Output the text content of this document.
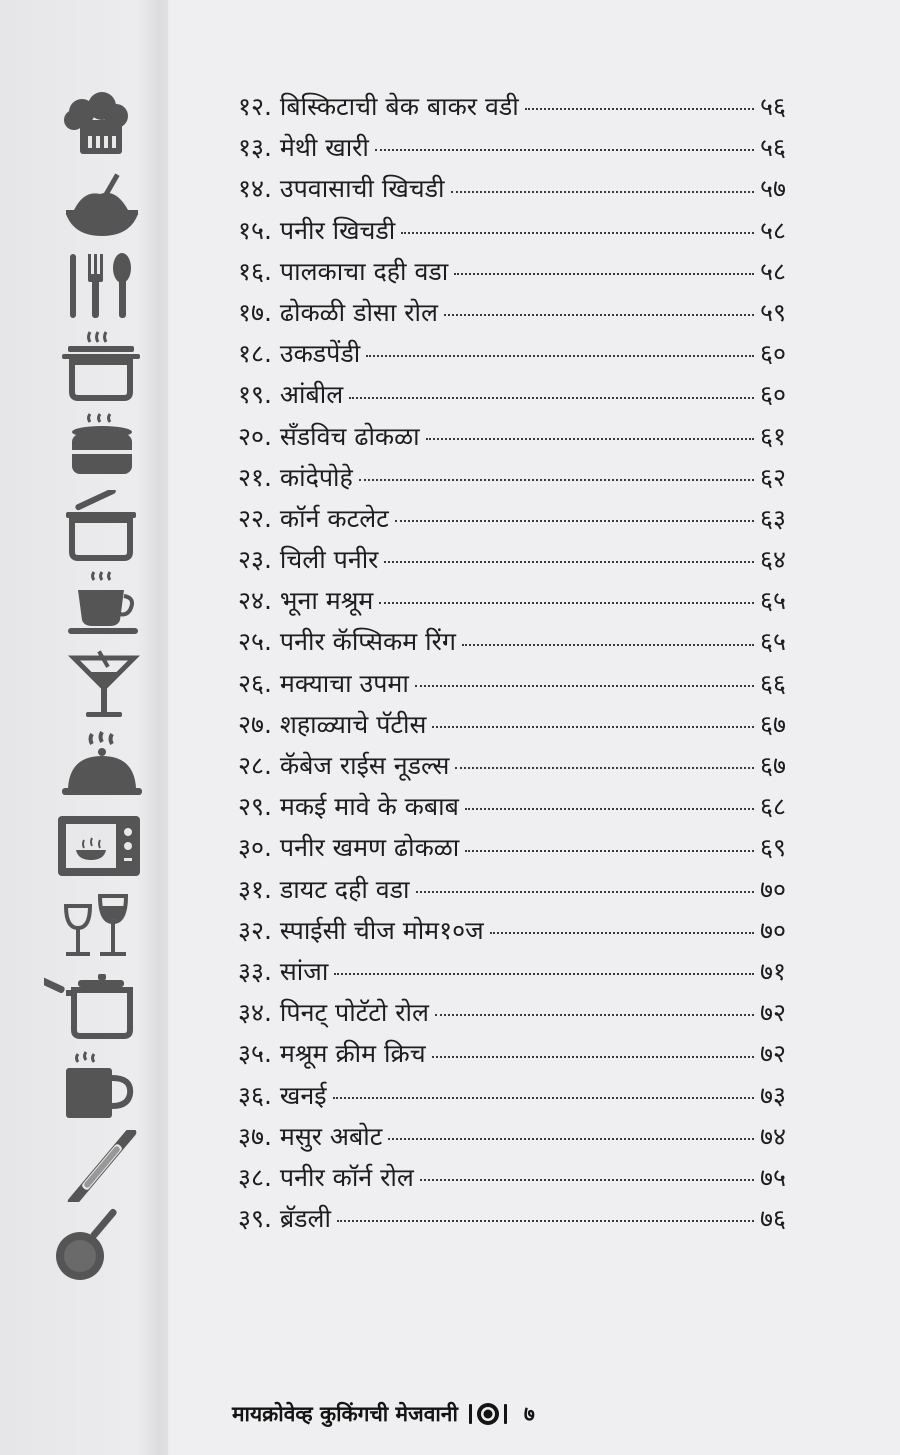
१२. बिस्किटाची बेक बाकर वडी	५६
१३. मेथी खारी	५६
१४. उपवासाची खिचडी	५७
१५. पनीर खिचडी	५८
१६. पालकाचा दही वडा	५८
१७. ढोकळी डोसा रोल	५९
१८. उकडपेंडी	६०
१९. आंबील	६०
२०. सँडविच ढोकळा	६१
२१. कांदेपोहे	६२
२२. कॉर्न कटलेट	६३
२३. चिली पनीर	६४
२४. भूना मश्रूम	६५
२५. पनीर कॅप्सिकम रिंग	६५
२६. मक्याचा उपमा	६६
२७. शहाळ्याचे पॅटीस	६७
२८. कॅबेज राईस नूडल्स	६७
२९. मकई मावे के कबाब	६८
३०. पनीर खमण ढोकळा	६९
३१. डायट दही वडा	७०
३२. स्पाईसी चीज मोम१०ज	७०
३३. सांजा	७१
३४. पिनट् पोटॅटो रोल	७२
३५. मश्रूम क्रीम क्रिच	७२
३६. खनई	७३
३७. मसुर अबोट	७४
३८. पनीर कॉर्न रोल	७५
३९. ब्रॅडली	७६
मायक्रोवेव्ह कुकिंगची मेजवानी	७
